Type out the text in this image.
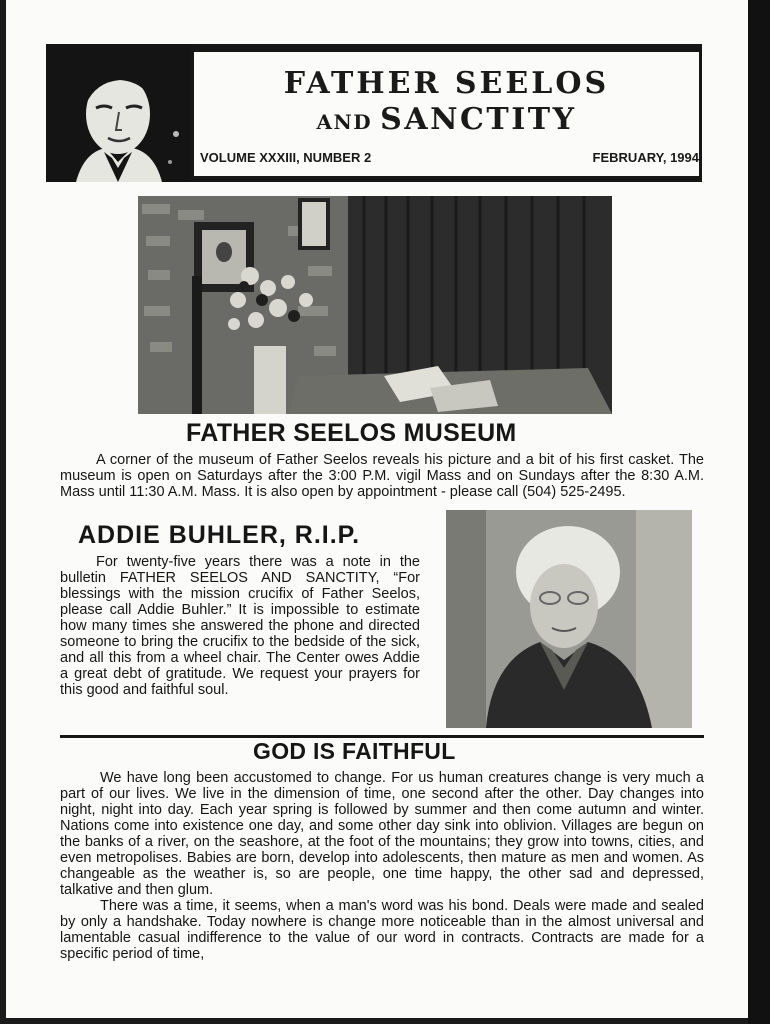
FATHER SEELOS
AND SANCTITY
VOLUME XXXIII, NUMBER 2	FEBRUARY, 1994
FATHER SEELOS MUSEUM

A corner of the museum of Father Seelos reveals his picture and a bit of his first casket. The museum is open on Saturdays after the 3:00 P.M. vigil Mass and on Sundays after the 8:30 A.M. Mass until 11:30 A.M. Mass. It is also open by appointment - please call (504) 525-2495.

ADDIE BUHLER, R.I.P.

For twenty-five years there was a note in the bulletin FATHER SEELOS AND SANCTITY, “For blessings with the mission crucifix of Father Seelos, please call Addie Buhler.” It is impossible to estimate how many times she answered the phone and directed someone to bring the crucifix to the bedside of the sick, and all this from a wheel chair. The Center owes Addie a great debt of gratitude. We request your prayers for this good and faithful soul.

GOD IS FAITHFUL

We have long been accustomed to change. For us human creatures change is very much a part of our lives. We live in the dimension of time, one second after the other. Day changes into night, night into day. Each year spring is followed by summer and then come autumn and winter. Nations come into existence one day, and some other day sink into oblivion. Villages are begun on the banks of a river, on the seashore, at the foot of the mountains; they grow into towns, cities, and even metropolises. Babies are born, develop into adolescents, then mature as men and women. As changeable as the weather is, so are people, one time happy, the other sad and depressed, talkative and then glum.

There was a time, it seems, when a man's word was his bond. Deals were made and sealed by only a handshake. Today nowhere is change more noticeable than in the almost universal and lamentable casual indifference to the value of our word in contracts. Contracts are made for a specific period of time,
